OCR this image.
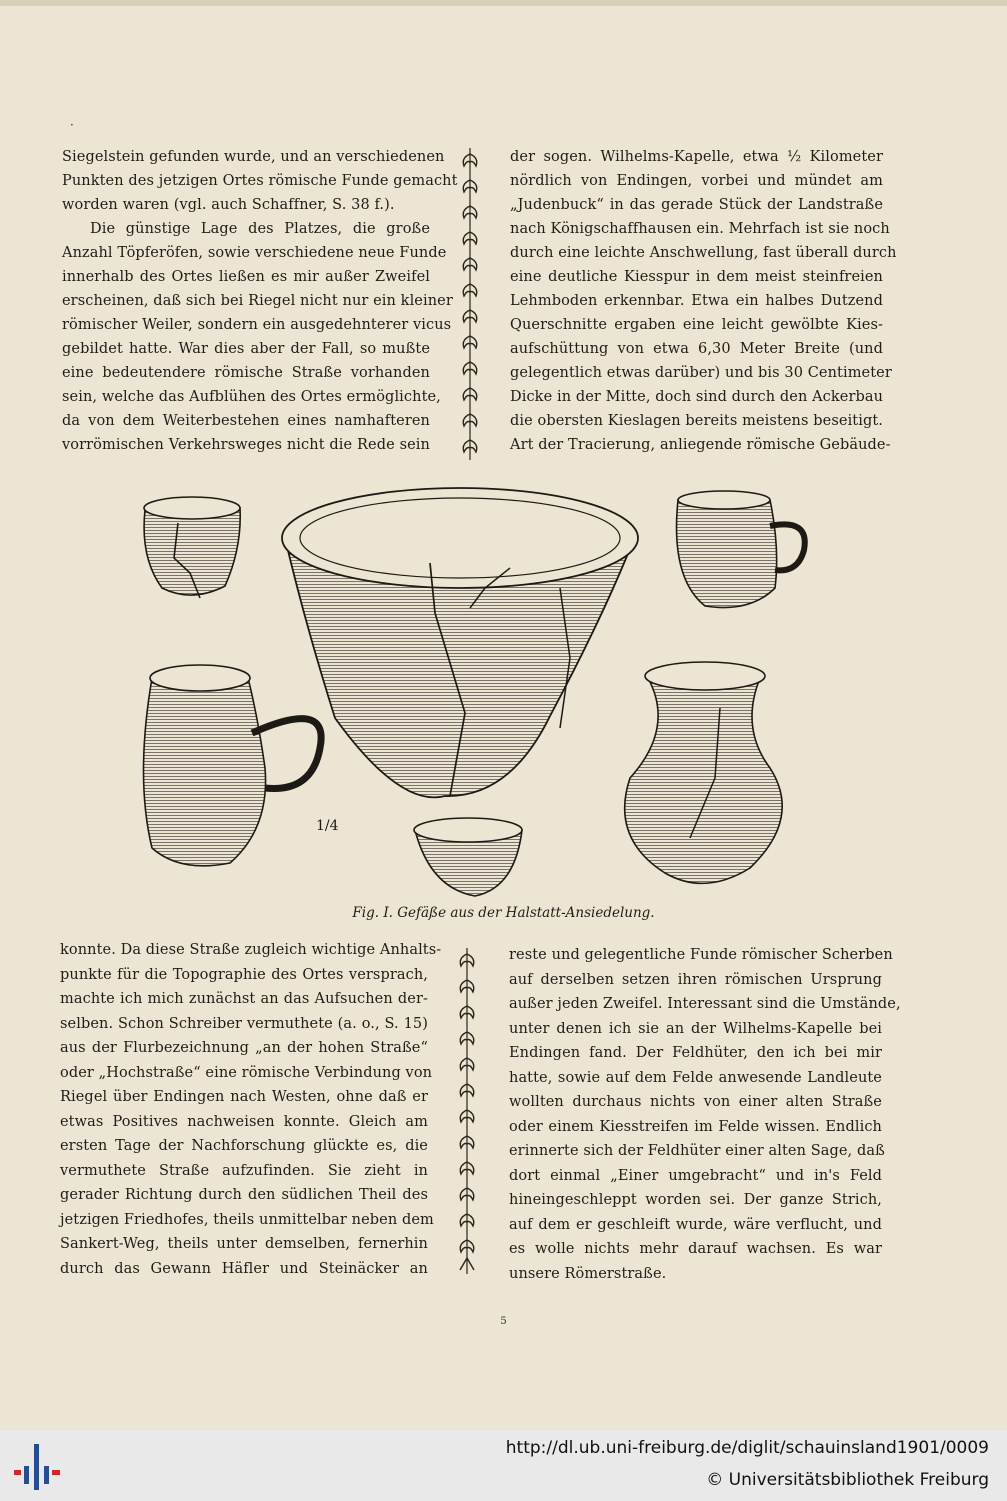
·
Siegelstein gefunden wurde, und an verschiedenen
Punkten des jetzigen Ortes römische Funde gemacht
worden waren (vgl. auch Schaffner, S. 38 f.).
Die günstige Lage des Platzes, die große
Anzahl Töpferöfen, sowie verschiedene neue Funde
innerhalb des Ortes ließen es mir außer Zweifel
erscheinen, daß sich bei Riegel nicht nur ein kleiner
römischer Weiler, sondern ein ausgedehnterer vicus
gebildet hatte. War dies aber der Fall, so mußte
eine bedeutendere römische Straße vorhanden
sein, welche das Aufblühen des Ortes ermöglichte,
da von dem Weiterbestehen eines namhafteren
vorrömischen Verkehrsweges nicht die Rede sein
der sogen. Wilhelms-Kapelle, etwa ½ Kilometer
nördlich von Endingen, vorbei und mündet am
„Judenbuck“ in das gerade Stück der Landstraße
nach Königschaffhausen ein. Mehrfach ist sie noch
durch eine leichte Anschwellung, fast überall durch
eine deutliche Kiesspur in dem meist steinfreien
Lehmboden erkennbar. Etwa ein halbes Dutzend
Querschnitte ergaben eine leicht gewölbte Kies-
aufschüttung von etwa 6,30 Meter Breite (und
gelegentlich etwas darüber) und bis 30 Centimeter
Dicke in der Mitte, doch sind durch den Ackerbau
die obersten Kieslagen bereits meistens beseitigt.
Art der Tracierung, anliegende römische Gebäude-
1/4
Fig. I. Gefäße aus der Halstatt-Ansiedelung.
konnte. Da diese Straße zugleich wichtige Anhalts-
punkte für die Topographie des Ortes versprach,
machte ich mich zunächst an das Aufsuchen der-
selben. Schon Schreiber vermuthete (a. o., S. 15)
aus der Flurbezeichnung „an der hohen Straße“
oder „Hochstraße“ eine römische Verbindung von
Riegel über Endingen nach Westen, ohne daß er
etwas Positives nachweisen konnte. Gleich am
ersten Tage der Nachforschung glückte es, die
vermuthete Straße aufzufinden. Sie zieht in
gerader Richtung durch den südlichen Theil des
jetzigen Friedhofes, theils unmittelbar neben dem
Sankert-Weg, theils unter demselben, fernerhin
durch das Gewann Häfler und Steinäcker an
reste und gelegentliche Funde römischer Scherben
auf derselben setzen ihren römischen Ursprung
außer jeden Zweifel. Interessant sind die Umstände,
unter denen ich sie an der Wilhelms-Kapelle bei
Endingen fand. Der Feldhüter, den ich bei mir
hatte, sowie auf dem Felde anwesende Landleute
wollten durchaus nichts von einer alten Straße
oder einem Kiesstreifen im Felde wissen. Endlich
erinnerte sich der Feldhüter einer alten Sage, daß
dort einmal „Einer umgebracht“ und in's Feld
hineingeschleppt worden sei. Der ganze Strich,
auf dem er geschleift wurde, wäre verflucht, und
es wolle nichts mehr darauf wachsen. Es war
unsere Römerstraße.
5
http://dl.ub.uni-freiburg.de/diglit/schauinsland1901/0009
© Universitätsbibliothek Freiburg
